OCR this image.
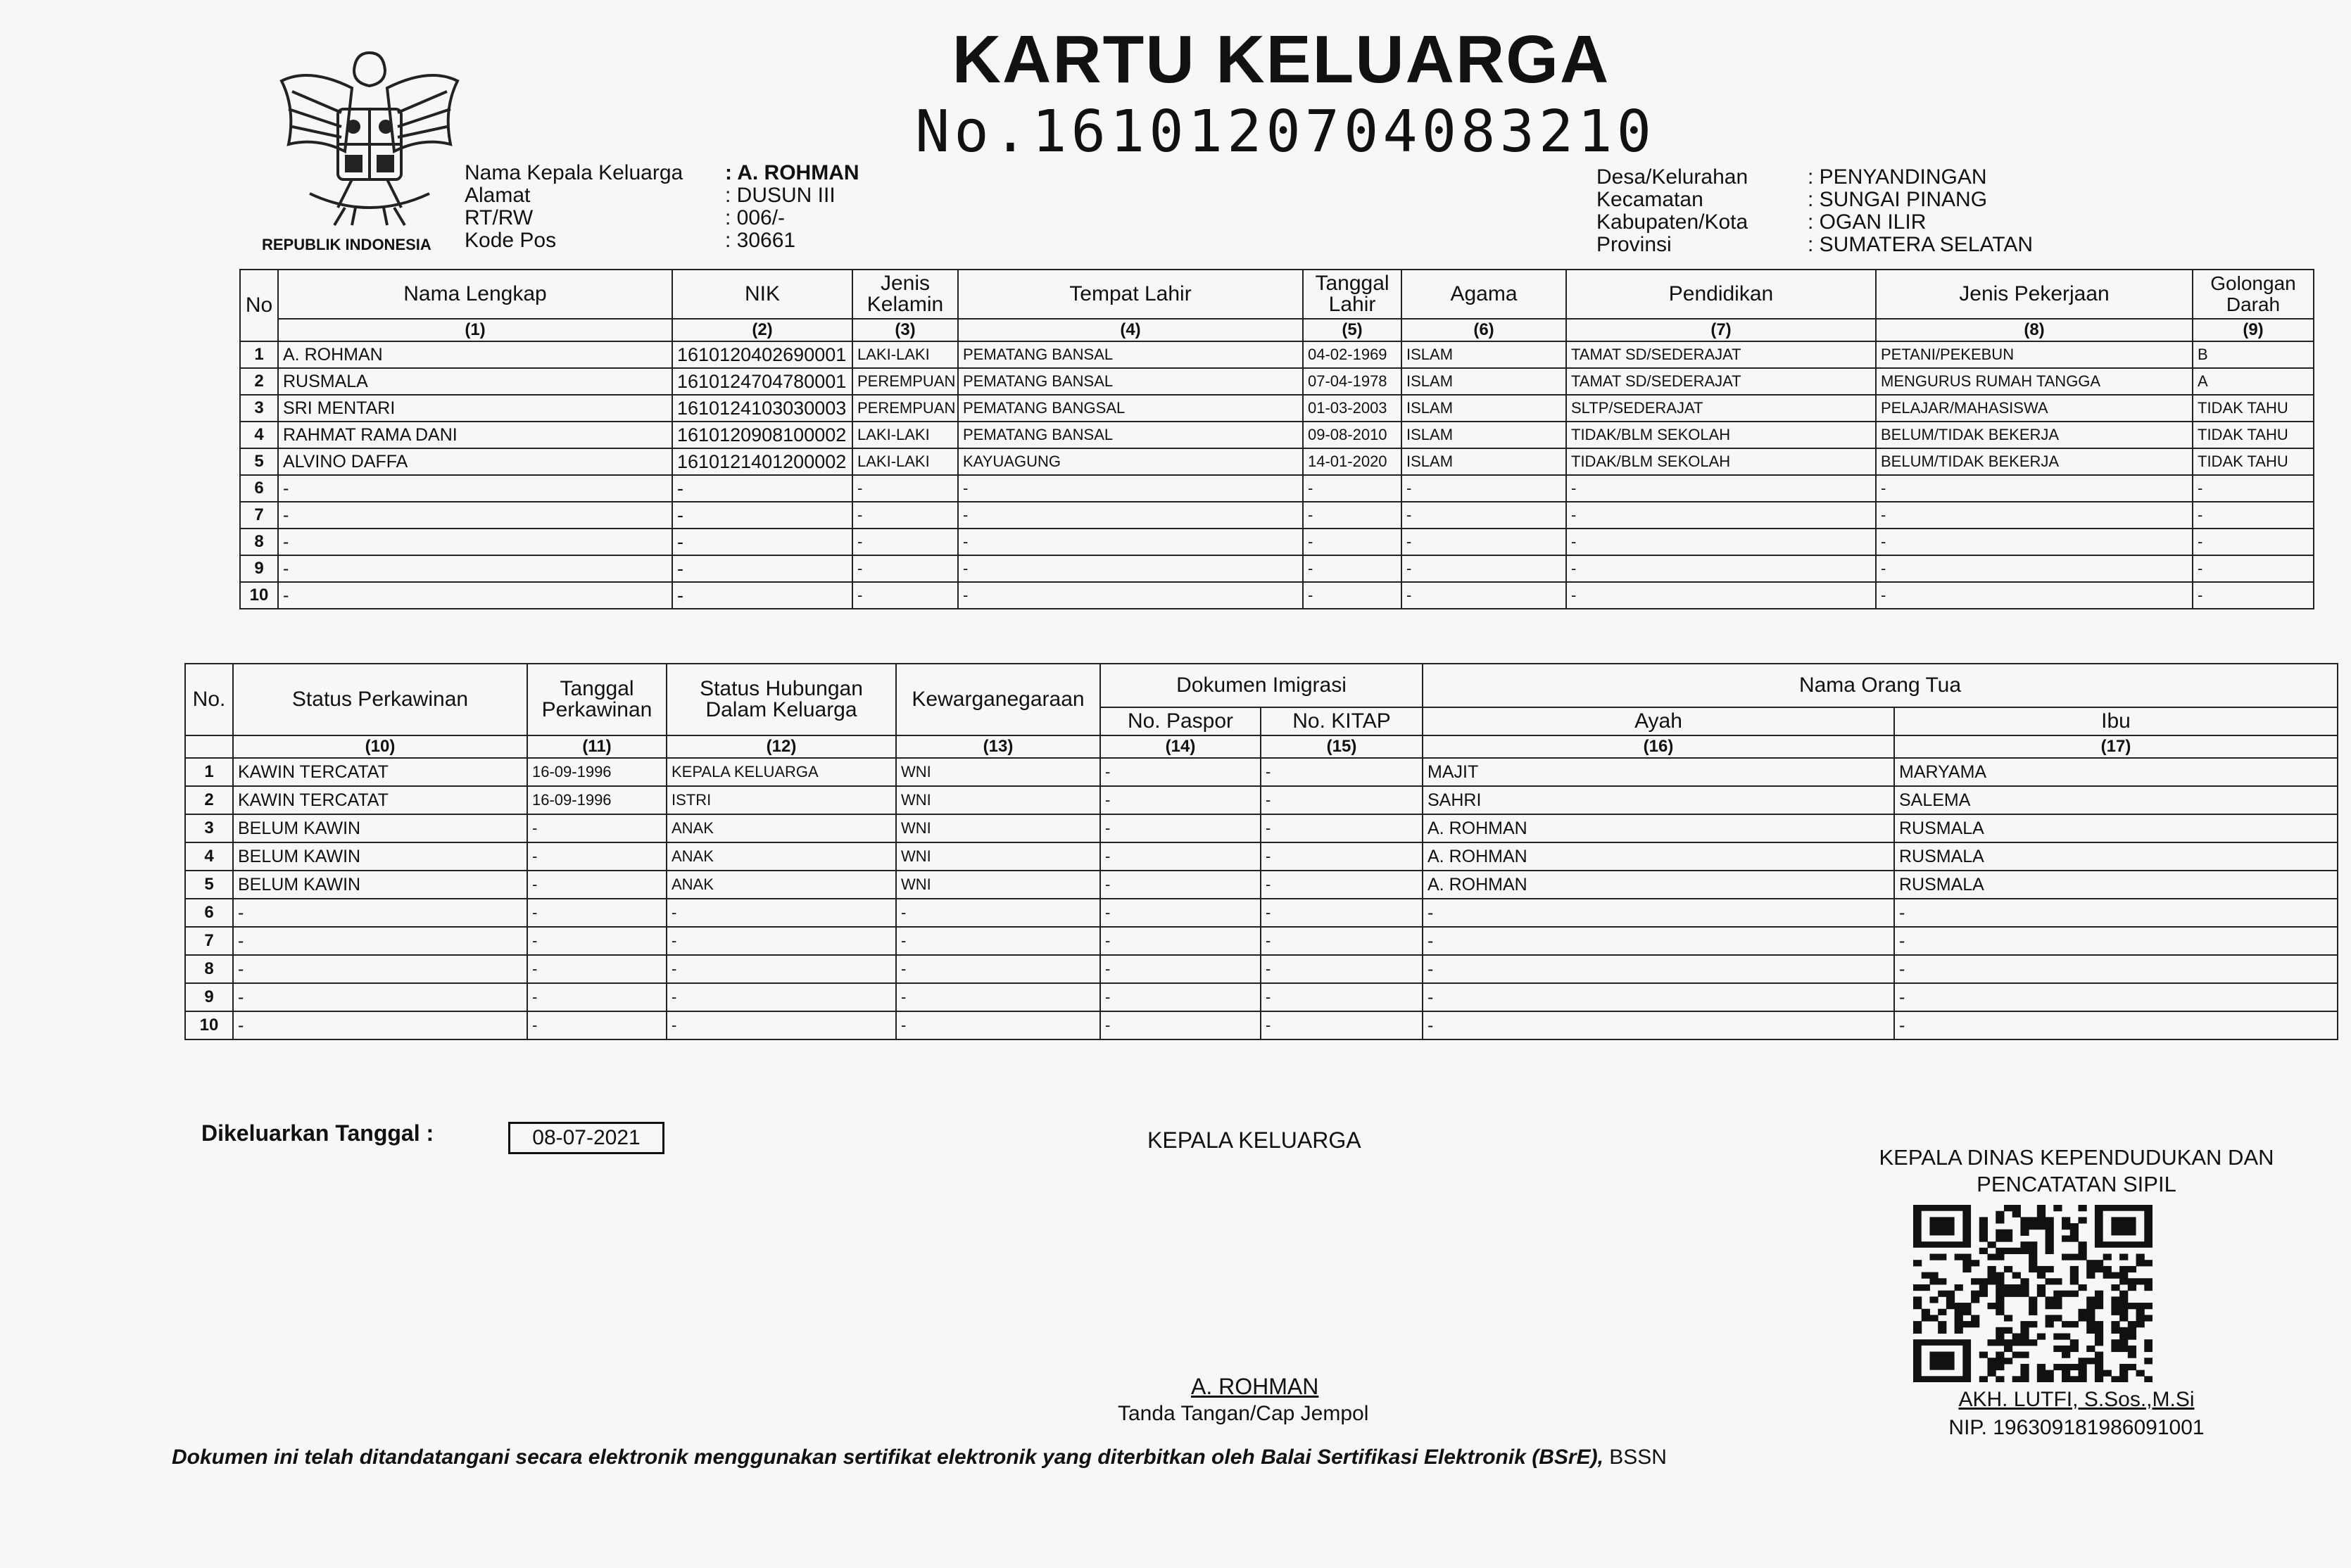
REPUBLIK INDONESIA
KARTU KELUARGA
No.1610120704083210
Nama Kepala Keluarga	: A. ROHMAN
Alamat	: DUSUN III
RT/RW	: 006/-
Kode Pos	: 30661
Desa/Kelurahan	: PENYANDINGAN
Kecamatan	: SUNGAI PINANG
Kabupaten/Kota	: OGAN ILIR
Provinsi	: SUMATERA SELATAN
No	Nama Lengkap	NIK	Jenis Kelamin	Tempat Lahir	Tanggal Lahir	Agama	Pendidikan	Jenis Pekerjaan	Golongan Darah
	(1)	(2)	(3)	(4)	(5)	(6)	(7)	(8)	(9)
1	A. ROHMAN	1610120402690001	LAKI-LAKI	PEMATANG BANSAL	04-02-1969	ISLAM	TAMAT SD/SEDERAJAT	PETANI/PEKEBUN	B
2	RUSMALA	1610124704780001	PEREMPUAN	PEMATANG BANSAL	07-04-1978	ISLAM	TAMAT SD/SEDERAJAT	MENGURUS RUMAH TANGGA	A
3	SRI MENTARI	1610124103030003	PEREMPUAN	PEMATANG BANGSAL	01-03-2003	ISLAM	SLTP/SEDERAJAT	PELAJAR/MAHASISWA	TIDAK TAHU
4	RAHMAT RAMA DANI	1610120908100002	LAKI-LAKI	PEMATANG BANSAL	09-08-2010	ISLAM	TIDAK/BLM SEKOLAH	BELUM/TIDAK BEKERJA	TIDAK TAHU
5	ALVINO DAFFA	1610121401200002	LAKI-LAKI	KAYUAGUNG	14-01-2020	ISLAM	TIDAK/BLM SEKOLAH	BELUM/TIDAK BEKERJA	TIDAK TAHU
6	-	-	-	-	-	-	-	-	-
7	-	-	-	-	-	-	-	-	-
8	-	-	-	-	-	-	-	-	-
9	-	-	-	-	-	-	-	-	-
10	-	-	-	-	-	-	-	-	-
No.	Status Perkawinan	Tanggal Perkawinan	Status Hubungan Dalam Keluarga	Kewarganegaraan	Dokumen Imigrasi		Nama Orang Tua	
					No. Paspor	No. KITAP	Ayah	Ibu
	(10)	(11)	(12)	(13)	(14)	(15)	(16)	(17)
1	KAWIN TERCATAT	16-09-1996	KEPALA KELUARGA	WNI	-	-	MAJIT	MARYAMA
2	KAWIN TERCATAT	16-09-1996	ISTRI	WNI	-	-	SAHRI	SALEMA
3	BELUM KAWIN	-	ANAK	WNI	-	-	A. ROHMAN	RUSMALA
4	BELUM KAWIN	-	ANAK	WNI	-	-	A. ROHMAN	RUSMALA
5	BELUM KAWIN	-	ANAK	WNI	-	-	A. ROHMAN	RUSMALA
6	-	-	-	-	-	-	-	-
7	-	-	-	-	-	-	-	-
8	-	-	-	-	-	-	-	-
9	-	-	-	-	-	-	-	-
10	-	-	-	-	-	-	-	-
Dikeluarkan Tanggal :	08-07-2021	KEPALA KELUARGA
A. ROHMAN
Tanda Tangan/Cap Jempol
KEPALA DINAS KEPENDUDUKAN DAN
PENCATATAN SIPIL
AKH. LUTFI, S.Sos.,M.Si
NIP. 196309181986091001
Dokumen ini telah ditandatangani secara elektronik menggunakan sertifikat elektronik yang diterbitkan oleh Balai Sertifikasi Elektronik (BSrE), BSSN
